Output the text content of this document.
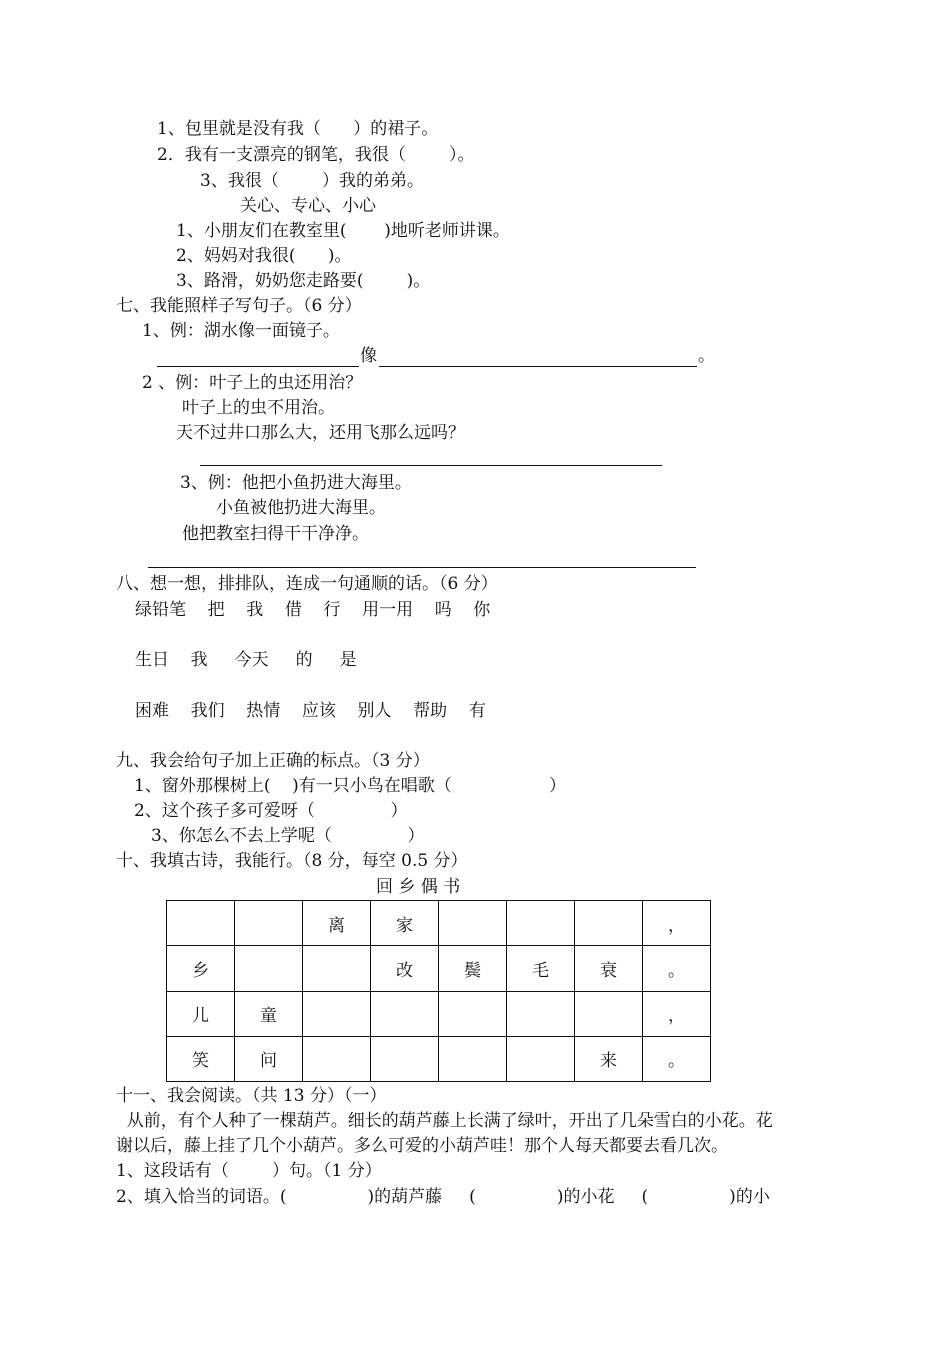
1、包里就是没有我（      ）的裙子。
2．我有一支漂亮的钢笔，我很（        ）。
3、我很（        ）我的弟弟。
关心、专心、小心
1、小朋友们在教室里(       )地听老师讲课。
2、妈妈对我很(      )。
3、路滑，奶奶您走路要(        )。
七、我能照样子写句子。（6 分）
1、例：湖水像一面镜子。
像	。
2 、例：叶子上的虫还用治？
叶子上的虫不用治。
天不过井口那么大，还用飞那么远吗？
3、例：他把小鱼扔进大海里。
小鱼被他扔进大海里。
他把教室扫得干干净净。
八、想一想，排排队，连成一句通顺的话。（6 分）
绿铅笔    把    我    借    行    用一用    吗    你
生日    我     今天     的     是
困难    我们    热情    应该    别人    帮助    有
九、我会给句子加上正确的标点。（3 分）
1、窗外那棵树上(    )有一只小鸟在唱歌（                  ）
2、这个孩子多可爱呀（              ）
3、你怎么不去上学呢（              ）
十、我填古诗，我能行。（8 分，每空 0.5 分）
回 乡 偶 书
		离	家				，
乡			改	鬓	毛	衰	。
儿	童						，
笑	问					来	。
十一、我会阅读。（共 13 分）（一）
从前，有个人种了一棵葫芦。细长的葫芦藤上长满了绿叶，开出了几朵雪白的小花。花
谢以后，藤上挂了几个小葫芦。多么可爱的小葫芦哇！那个人每天都要去看几次。
1、这段话有（        ）句。（1 分）
2、填入恰当的词语。(               )的葫芦藤     (               )的小花     (               )的小
